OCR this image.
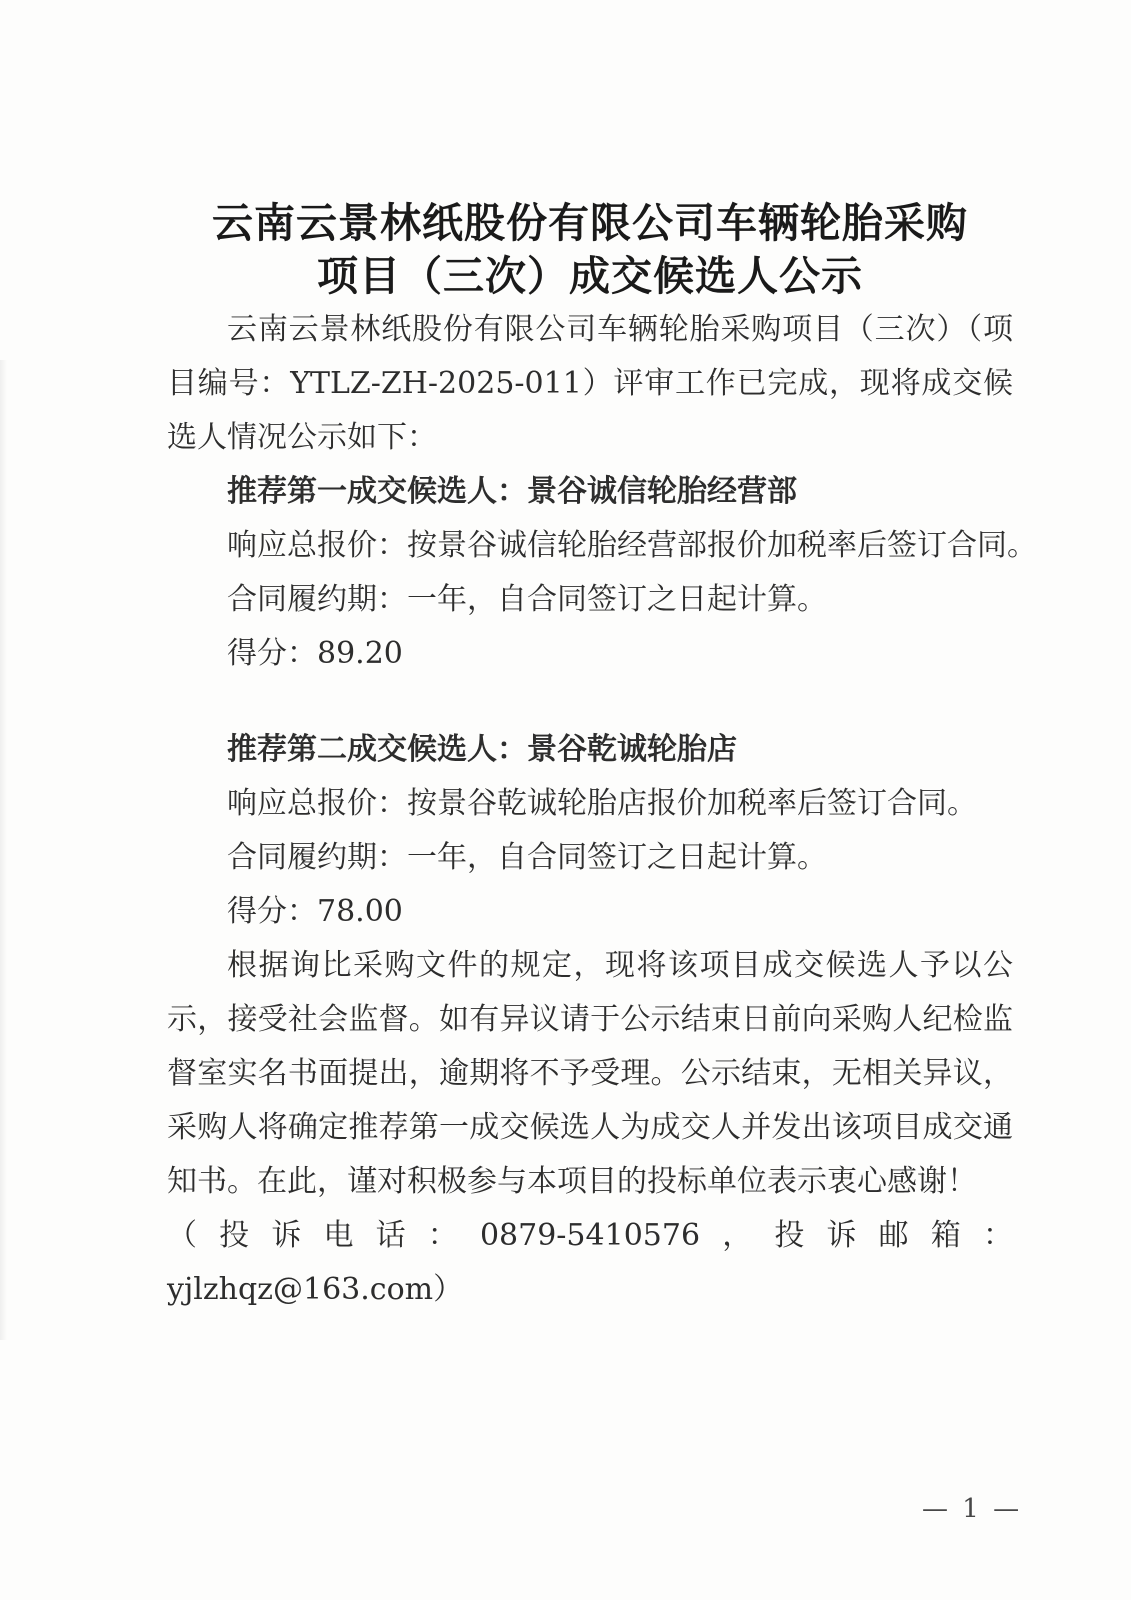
云南云景林纸股份有限公司车辆轮胎采购
项目（三次）成交候选人公示

云南云景林纸股份有限公司车辆轮胎采购项目（三次）（项目编号：YTLZ-ZH-2025-011）评审工作已完成，现将成交候选人情况公示如下：

推荐第一成交候选人：景谷诚信轮胎经营部

响应总报价：按景谷诚信轮胎经营部报价加税率后签订合同。

合同履约期：一年，自合同签订之日起计算。

得分：89.20

推荐第二成交候选人：景谷乾诚轮胎店

响应总报价：按景谷乾诚轮胎店报价加税率后签订合同。

合同履约期：一年，自合同签订之日起计算。

得分：78.00

根据询比采购文件的规定，现将该项目成交候选人予以公示，接受社会监督。如有异议请于公示结束日前向采购人纪检监督室实名书面提出，逾期将不予受理。公示结束，无相关异议，采购人将确定推荐第一成交候选人为成交人并发出该项目成交通知书。在此，谨对积极参与本项目的投标单位表示衷心感谢！

（投诉电话：0879-5410576，投诉邮箱：yjlzhqz@163.com）

— 1 —
